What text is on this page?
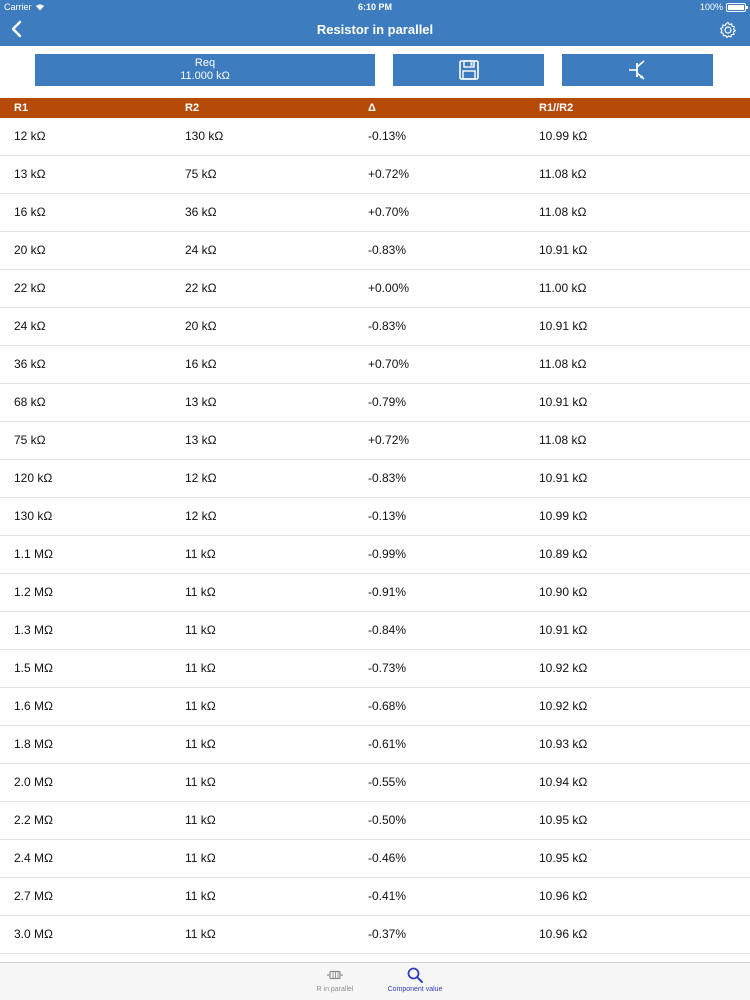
Carrier	6:10 PM	100%
Resistor in parallel
Req
11.000 kΩ
R1	R2	Δ	R1//R2
12 kΩ	130 kΩ	-0.13%	10.99 kΩ
13 kΩ	75 kΩ	+0.72%	11.08 kΩ
16 kΩ	36 kΩ	+0.70%	11.08 kΩ
20 kΩ	24 kΩ	-0.83%	10.91 kΩ
22 kΩ	22 kΩ	+0.00%	11.00 kΩ
24 kΩ	20 kΩ	-0.83%	10.91 kΩ
36 kΩ	16 kΩ	+0.70%	11.08 kΩ
68 kΩ	13 kΩ	-0.79%	10.91 kΩ
75 kΩ	13 kΩ	+0.72%	11.08 kΩ
120 kΩ	12 kΩ	-0.83%	10.91 kΩ
130 kΩ	12 kΩ	-0.13%	10.99 kΩ
1.1 MΩ	11 kΩ	-0.99%	10.89 kΩ
1.2 MΩ	11 kΩ	-0.91%	10.90 kΩ
1.3 MΩ	11 kΩ	-0.84%	10.91 kΩ
1.5 MΩ	11 kΩ	-0.73%	10.92 kΩ
1.6 MΩ	11 kΩ	-0.68%	10.92 kΩ
1.8 MΩ	11 kΩ	-0.61%	10.93 kΩ
2.0 MΩ	11 kΩ	-0.55%	10.94 kΩ
2.2 MΩ	11 kΩ	-0.50%	10.95 kΩ
2.4 MΩ	11 kΩ	-0.46%	10.95 kΩ
2.7 MΩ	11 kΩ	-0.41%	10.96 kΩ
3.0 MΩ	11 kΩ	-0.37%	10.96 kΩ
R in parallel	Component value
